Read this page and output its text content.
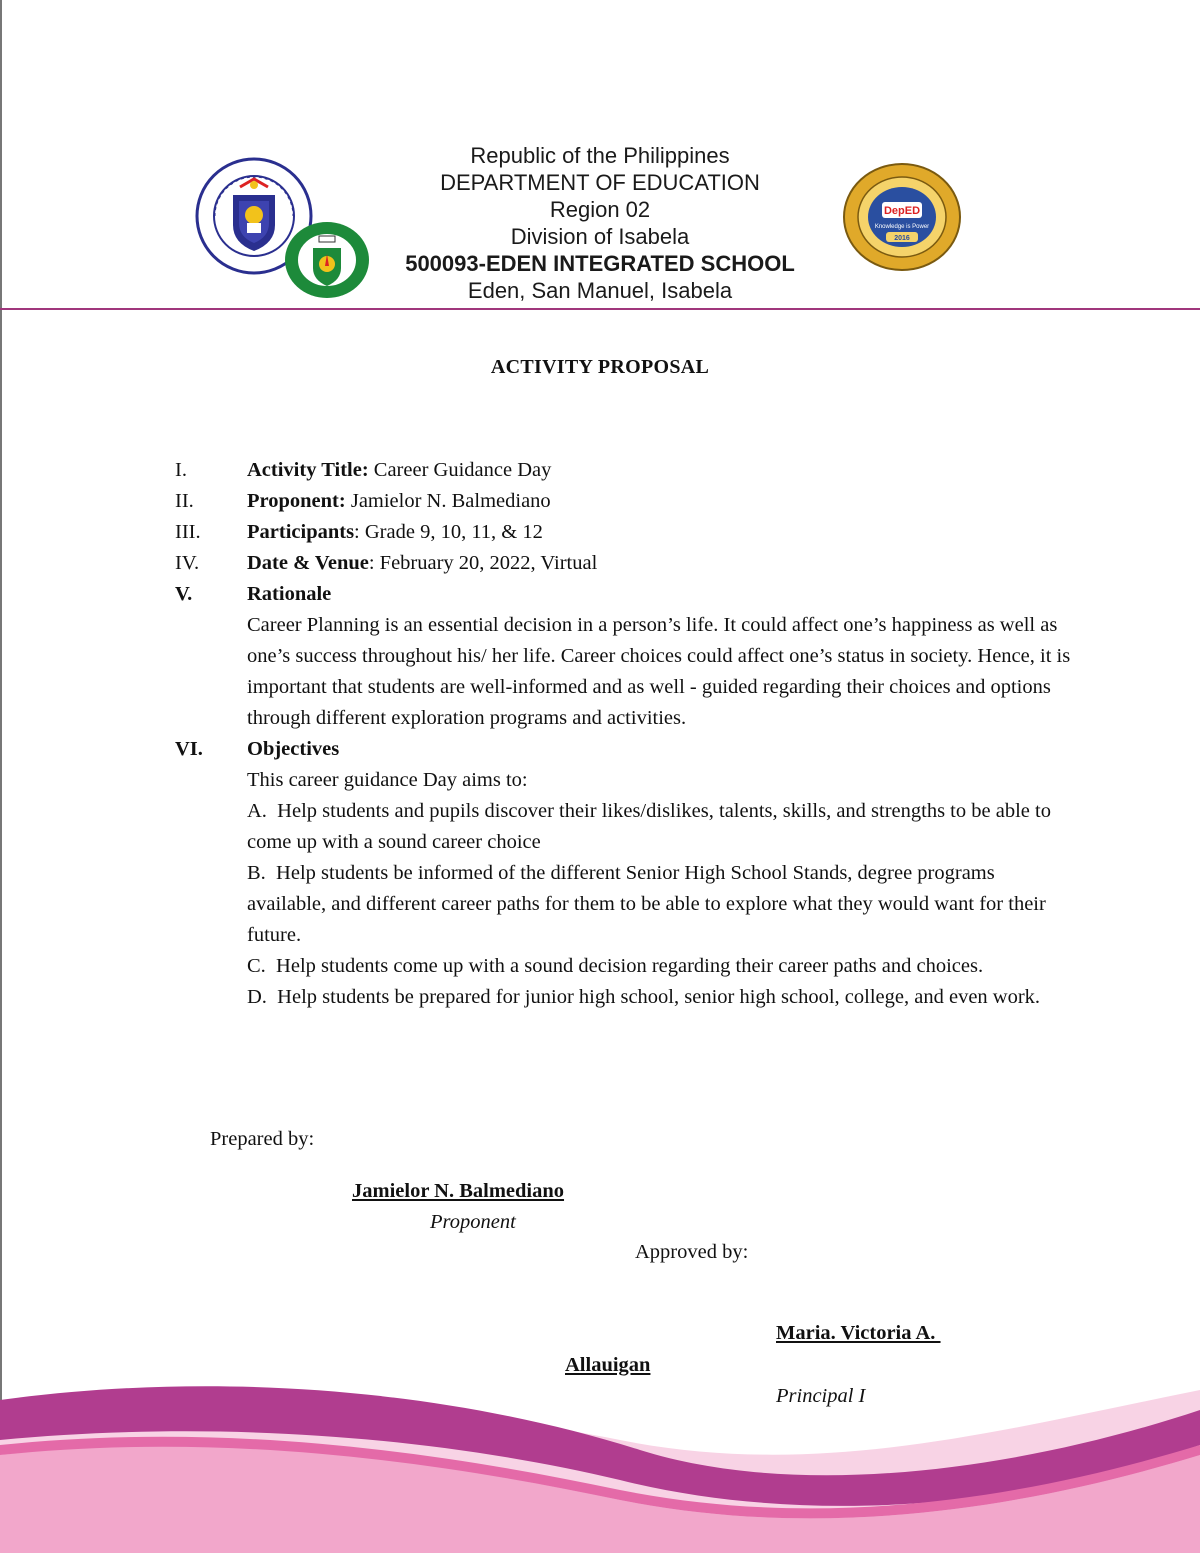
DepED
Knowledge is Power
2016
Republic of the Philippines
DEPARTMENT OF EDUCATION
Region 02
Division of Isabela
500093-EDEN INTEGRATED SCHOOL
Eden, San Manuel, Isabela
ACTIVITY PROPOSAL
I.	Activity Title: Career Guidance Day
II.	Proponent: Jamielor N. Balmediano
III. Participants: Grade 9, 10, 11, & 12
IV. Date & Venue: February 20, 2022, Virtual
V.	Rationale
Career Planning is an essential decision in a person’s life. It could affect one’s happiness as well as one’s success throughout his/ her life. Career choices could affect one’s status in society. Hence, it is important that students are well-informed and as well - guided regarding their choices and options through different exploration programs and activities.
VI. Objectives
This career guidance Day aims to:
A.  Help students and pupils discover their likes/dislikes, talents, skills, and strengths to be able to come up with a sound career choice
B.  Help students be informed of the different Senior High School Stands, degree programs available, and different career paths for them to be able to explore what they would want for their future.
C.  Help students come up with a sound decision regarding their career paths and choices.
D.  Help students be prepared for junior high school, senior high school, college, and even work.
Prepared by:
Jamielor N. Balmediano
Proponent
Approved by:
Maria. Victoria A.
Allauigan
Principal I
